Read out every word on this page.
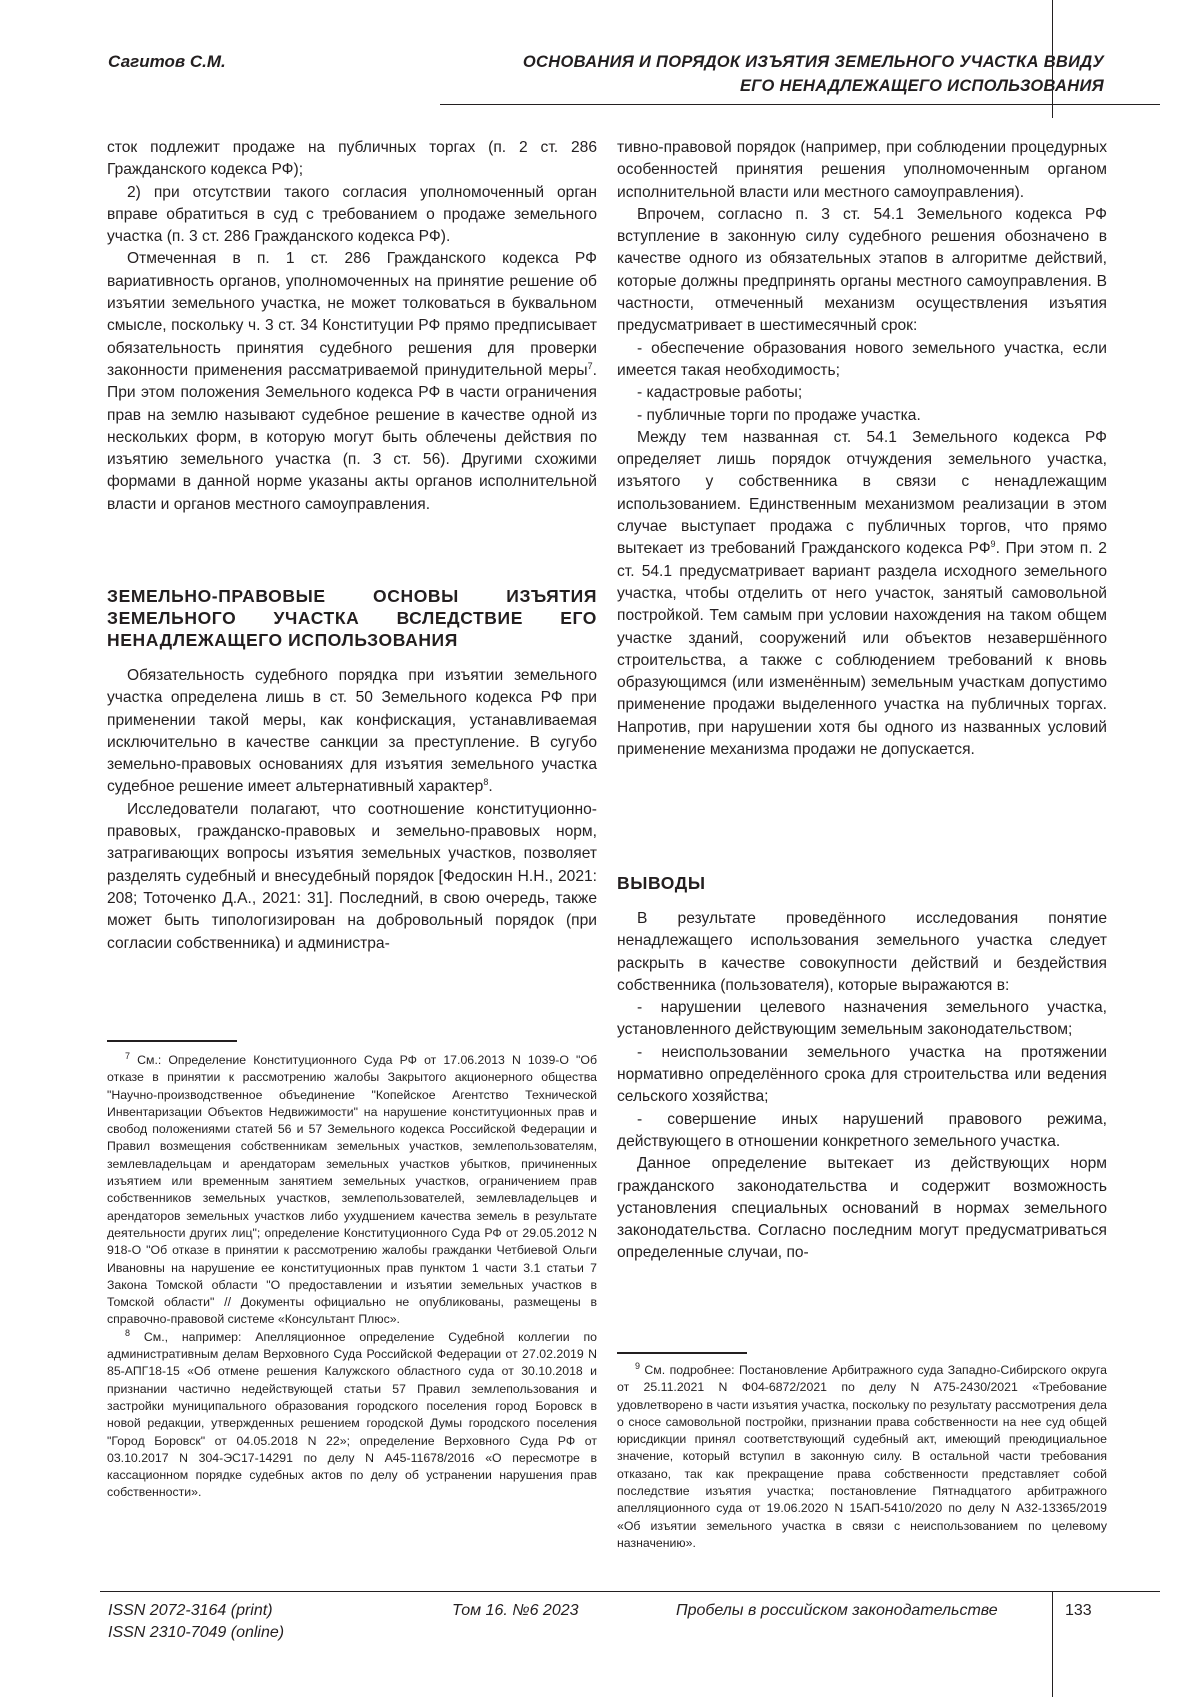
Сагитов С.М.	ОСНОВАНИЯ И ПОРЯДОК ИЗЪЯТИЯ ЗЕМЕЛЬНОГО УЧАСТКА ВВИДУ
ЕГО НЕНАДЛЕЖАЩЕГО ИСПОЛЬЗОВАНИЯ

сток подлежит продаже на публичных торгах (п. 2 ст. 286 Гражданского кодекса РФ);

2) при отсутствии такого согласия уполномоченный орган вправе обратиться в суд с требованием о продаже земельного участка (п. 3 ст. 286 Гражданского кодекса РФ).

Отмеченная в п. 1 ст. 286 Гражданского кодекса РФ вариативность органов, уполномоченных на принятие решение об изъятии земельного участка, не может толковаться в буквальном смысле, поскольку ч. 3 ст. 34 Конституции РФ прямо предписывает обязательность принятия судебного решения для проверки законности применения рассматриваемой принудительной меры7. При этом положения Земельного кодекса РФ в части ограничения прав на землю называют судебное решение в качестве одной из нескольких форм, в которую могут быть облечены действия по изъятию земельного участка (п. 3 ст. 56). Другими схожими формами в данной норме указаны акты органов исполнительной власти и органов местного самоуправления.

ЗЕМЕЛЬНО-ПРАВОВЫЕ ОСНОВЫ ИЗЪЯТИЯ ЗЕМЕЛЬНОГО УЧАСТКА ВСЛЕДСТВИЕ ЕГО НЕНАДЛЕЖАЩЕГО ИСПОЛЬЗОВАНИЯ

Обязательность судебного порядка при изъятии земельного участка определена лишь в ст. 50 Земельного кодекса РФ при применении такой меры, как конфискация, устанавливаемая исключительно в качестве санкции за преступление. В сугубо земельно-правовых основаниях для изъятия земельного участка судебное решение имеет альтернативный характер8.

Исследователи полагают, что соотношение конституционно-правовых, гражданско-правовых и земельно-правовых норм, затрагивающих вопросы изъятия земельных участков, позволяет разделять судебный и внесудебный порядок [Федоскин Н.Н., 2021: 208; Тоточенко Д.А., 2021: 31]. Последний, в свою очередь, также может быть типологизирован на добровольный порядок (при согласии собственника) и администра-

7 См.: Определение Конституционного Суда РФ от 17.06.2013 N 1039-О "Об отказе в принятии к рассмотрению жалобы Закрытого акционерного общества "Научно-производственное объединение "Копейское Агентство Технической Инвентаризации Объектов Недвижимости" на нарушение конституционных прав и свобод положениями статей 56 и 57 Земельного кодекса Российской Федерации и Правил возмещения собственникам земельных участков, землепользователям, землевладельцам и арендаторам земельных участков убытков, причиненных изъятием или временным занятием земельных участков, ограничением прав собственников земельных участков, землепользователей, землевладельцев и арендаторов земельных участков либо ухудшением качества земель в результате деятельности других лиц"; определение Конституционного Суда РФ от 29.05.2012 N 918-О "Об отказе в принятии к рассмотрению жалобы гражданки Четбиевой Ольги Ивановны на нарушение ее конституционных прав пунктом 1 части 3.1 статьи 7 Закона Томской области "О предоставлении и изъятии земельных участков в Томской области" // Документы официально не опубликованы, размещены в справочно-правовой системе «Консультант Плюс».

8 См., например: Апелляционное определение Судебной коллегии по административным делам Верховного Суда Российской Федерации от 27.02.2019 N 85-АПГ18-15 «Об отмене решения Калужского областного суда от 30.10.2018 и признании частично недействующей статьи 57 Правил землепользования и застройки муниципального образования городского поселения город Боровск в новой редакции, утвержденных решением городской Думы городского поселения "Город Боровск" от 04.05.2018 N 22»; определение Верховного Суда РФ от 03.10.2017 N 304-ЭС17-14291 по делу N А45-11678/2016 «О пересмотре в кассационном порядке судебных актов по делу об устранении нарушения прав собственности».

тивно-правовой порядок (например, при соблюдении процедурных особенностей принятия решения уполномоченным органом исполнительной власти или местного самоуправления).

Впрочем, согласно п. 3 ст. 54.1 Земельного кодекса РФ вступление в законную силу судебного решения обозначено в качестве одного из обязательных этапов в алгоритме действий, которые должны предпринять органы местного самоуправления. В частности, отмеченный механизм осуществления изъятия предусматривает в шестимесячный срок:

- обеспечение образования нового земельного участка, если имеется такая необходимость;

- кадастровые работы;

- публичные торги по продаже участка.

Между тем названная ст. 54.1 Земельного кодекса РФ определяет лишь порядок отчуждения земельного участка, изъятого у собственника в связи с ненадлежащим использованием. Единственным механизмом реализации в этом случае выступает продажа с публичных торгов, что прямо вытекает из требований Гражданского кодекса РФ9. При этом п. 2 ст. 54.1 предусматривает вариант раздела исходного земельного участка, чтобы отделить от него участок, занятый самовольной постройкой. Тем самым при условии нахождения на таком общем участке зданий, сооружений или объектов незавершённого строительства, а также с соблюдением требований к вновь образующимся (или изменённым) земельным участкам допустимо применение продажи выделенного участка на публичных торгах. Напротив, при нарушении хотя бы одного из названных условий применение механизма продажи не допускается.

ВЫВОДЫ

В результате проведённого исследования понятие ненадлежащего использования земельного участка следует раскрыть в качестве совокупности действий и бездействия собственника (пользователя), которые выражаются в:

- нарушении целевого назначения земельного участка, установленного действующим земельным законодательством;

- неиспользовании земельного участка на протяжении нормативно определённого срока для строительства или ведения сельского хозяйства;

- совершение иных нарушений правового режима, действующего в отношении конкретного земельного участка.

Данное определение вытекает из действующих норм гражданского законодательства и содержит возможность установления специальных оснований в нормах земельного законодательства. Согласно последним могут предусматриваться определенные случаи, по-

9 См. подробнее: Постановление Арбитражного суда Западно-Сибирского округа от 25.11.2021 N Ф04-6872/2021 по делу N А75-2430/2021 «Требование удовлетворено в части изъятия участка, поскольку по результату рассмотрения дела о сносе самовольной постройки, признании права собственности на нее суд общей юрисдикции принял соответствующий судебный акт, имеющий преюдициальное значение, который вступил в законную силу. В остальной части требования отказано, так как прекращение права собственности представляет собой последствие изъятия участка; постановление Пятнадцатого арбитражного апелляционного суда от 19.06.2020 N 15АП-5410/2020 по делу N А32-13365/2019 «Об изъятии земельного участка в связи с неиспользованием по целевому назначению».

ISSN 2072-3164 (print)
ISSN 2310-7049 (online)
Том 16. №6 2023	Пробелы в российском законодательстве	133
